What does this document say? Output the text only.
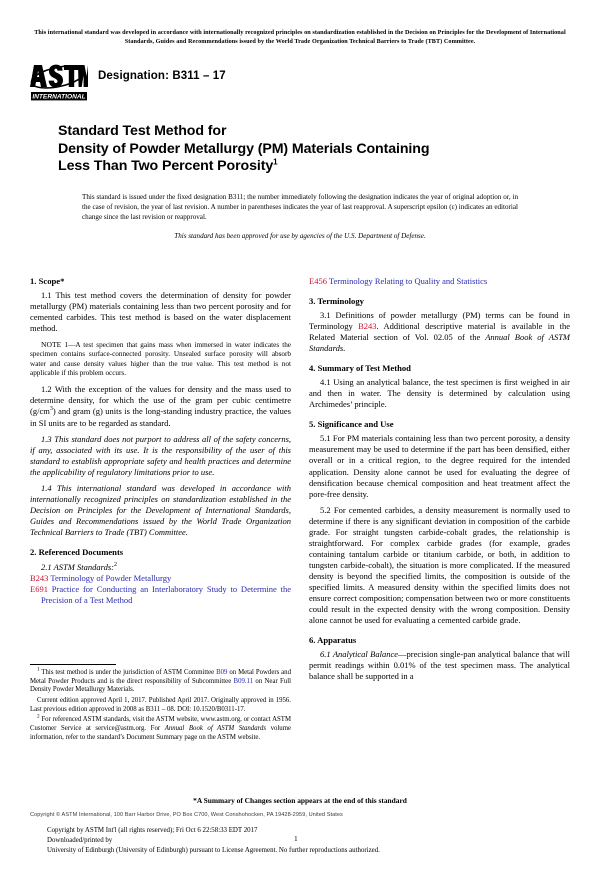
This international standard was developed in accordance with internationally recognized principles on standardization established in the Decision on Principles for the Development of International Standards, Guides and Recommendations issued by the World Trade Organization Technical Barriers to Trade (TBT) Committee.
INTERNATIONAL
Designation: B311 – 17
Standard Test Method for
Density of Powder Metallurgy (PM) Materials Containing
Less Than Two Percent Porosity$^1$
This standard is issued under the fixed designation B311; the number immediately following the designation indicates the year of original adoption or, in the case of revision, the year of last revision. A number in parentheses indicates the year of last reapproval. A superscript epsilon (ε) indicates an editorial change since the last revision or reapproval.
This standard has been approved for use by agencies of the U.S. Department of Defense.
1. Scope*

1.1 This test method covers the determination of density for powder metallurgy (PM) materials containing less than two percent porosity and for cemented carbides. This test method is based on the water displacement method.

NOTE 1—A test specimen that gains mass when immersed in water indicates the specimen contains surface-connected porosity. Unsealed surface porosity will absorb water and cause density values higher than the true value. This test method is not applicable if this problem occurs.

1.2 With the exception of the values for density and the mass used to determine density, for which the use of the gram per cubic centimetre $(g/cm^3)$ and gram (g) units is the long-standing industry practice, the values in SI units are to be regarded as standard.

1.3 This standard does not purport to address all of the safety concerns, if any, associated with its use. It is the responsibility of the user of this standard to establish appropriate safety and health practices and determine the applicability of regulatory limitations prior to use.

1.4 This international standard was developed in accordance with internationally recognized principles on standardization established in the Decision on Principles for the Development of International Standards, Guides and Recommendations issued by the World Trade Organization Technical Barriers to Trade (TBT) Committee.

2. Referenced Documents

2.1 ASTM Standards:$^2$

B243 Terminology of Powder Metallurgy

E691 Practice for Conducting an Interlaboratory Study to Determine the Precision of a Test Method

E456 Terminology Relating to Quality and Statistics

3. Terminology

3.1 Definitions of powder metallurgy (PM) terms can be found in Terminology B243. Additional descriptive material is available in the Related Material section of Vol. 02.05 of the Annual Book of ASTM Standards.

4. Summary of Test Method

4.1 Using an analytical balance, the test specimen is first weighed in air and then in water. The density is determined by calculation using Archimedes’ principle.

5. Significance and Use

5.1 For PM materials containing less than two percent porosity, a density measurement may be used to determine if the part has been densified, either overall or in a critical region, to the degree required for the intended application. Density alone cannot be used for evaluating the degree of densification because chemical composition and heat treatment affect the pore-free density.

5.2 For cemented carbides, a density measurement is normally used to determine if there is any significant deviation in composition of the carbide grade. For straight tungsten carbide-cobalt grades, the relationship is straightforward. For complex carbide grades (for example, grades containing tantalum carbide or titanium carbide, or both, in addition to tungsten carbide-cobalt), the situation is more complicated. If the measured density is beyond the specified limits, the composition is outside of the specified limits. A measured density within the specified limits does not ensure correct composition; compensation between two or more constituents could result in the expected density with the wrong composition. Density alone cannot be used for evaluating a cemented carbide grade.

6. Apparatus

6.1 Analytical Balance—precision single-pan analytical balance that will permit readings within 0.01% of the test specimen mass. The analytical balance shall be supported in a

$^1$ This test method is under the jurisdiction of ASTM Committee B09 on Metal Powders and Metal Powder Products and is the direct responsibility of Subcommittee B09.11 on Near Full Density Powder Metallurgy Materials.

Current edition approved April 1, 2017. Published April 2017. Originally approved in 1956. Last previous edition approved in 2008 as B311 – 08. DOI: 10.1520/B0311-17.

$^2$ For referenced ASTM standards, visit the ASTM website, www.astm.org, or contact ASTM Customer Service at service@astm.org. For Annual Book of ASTM Standards volume information, refer to the standard’s Document Summary page on the ASTM website.

*A Summary of Changes section appears at the end of this standard
Copyright © ASTM International, 100 Barr Harbor Drive, PO Box C700, West Conshohocken, PA 19428-2959, United States
Copyright by ASTM Int'l (all rights reserved); Fri Oct 6 22:58:33 EDT 2017
Downloaded/printed by
University of Edinburgh (University of Edinburgh) pursuant to License Agreement. No further reproductions authorized.
1
